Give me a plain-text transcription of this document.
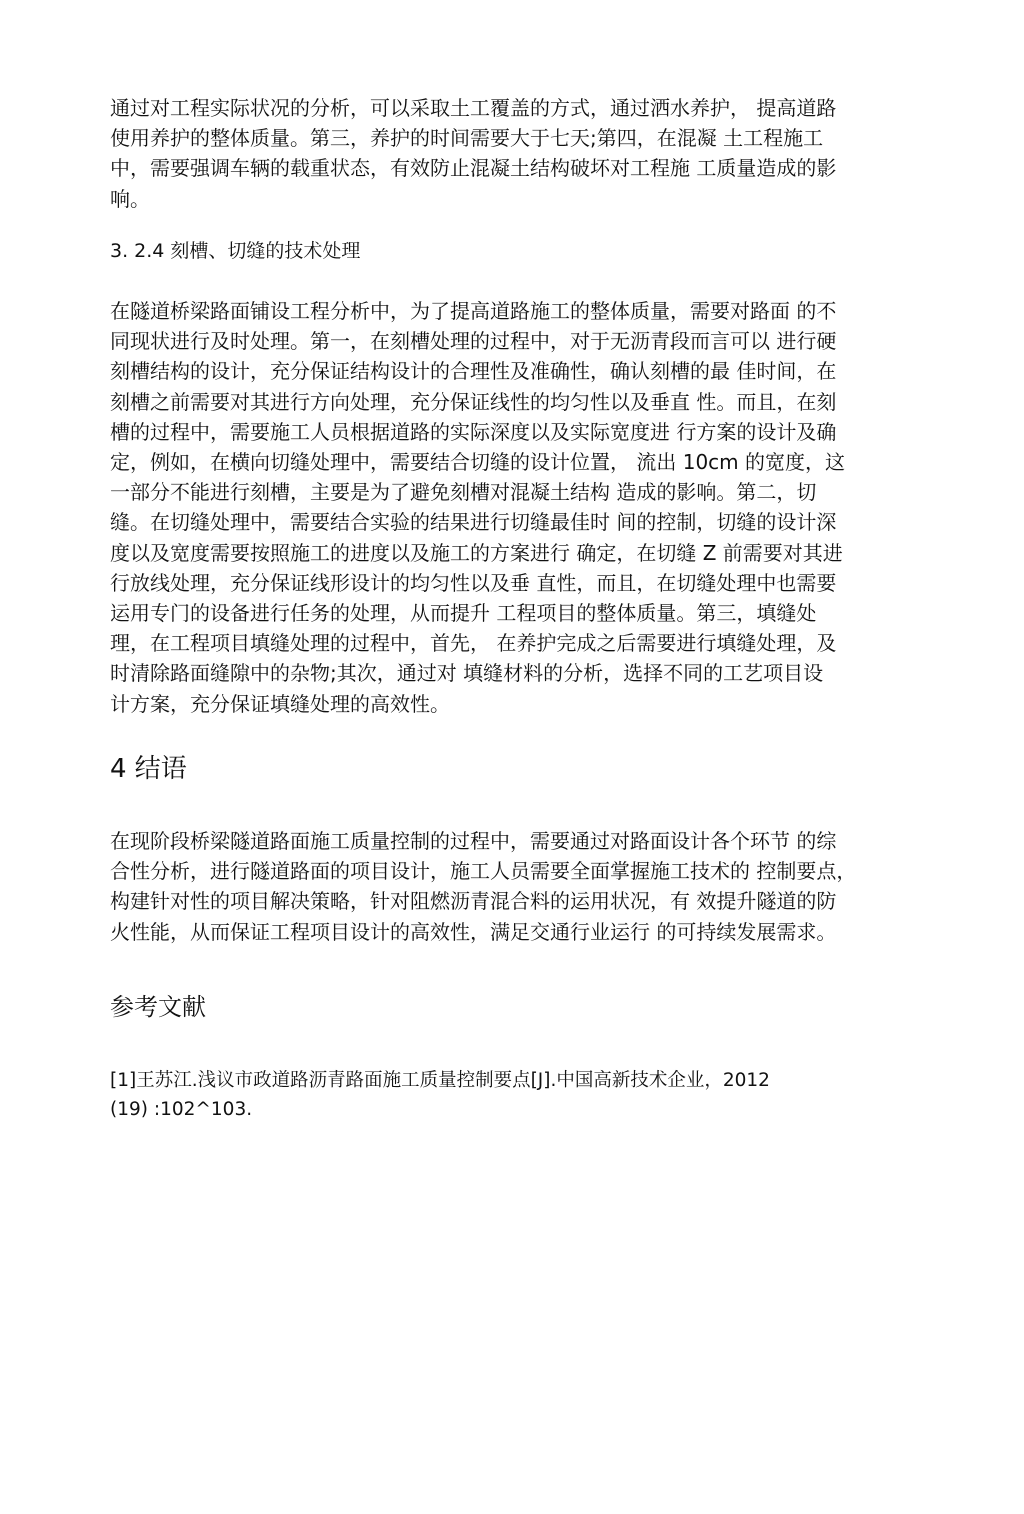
通过对工程实际状况的分析，可以采取土工覆盖的方式，通过洒水养护， 提高道路
使用养护的整体质量。第三，养护的时间需要大于七天;第四，在混凝 土工程施工
中，需要强调车辆的载重状态，有效防止混凝土结构破坏对工程施 工质量造成的影
响。

3. 2.4 刻槽、切缝的技术处理

在隧道桥梁路面铺设工程分析中，为了提高道路施工的整体质量，需要对路面 的不
同现状进行及时处理。第一，在刻槽处理的过程中，对于无沥青段而言可以 进行硬
刻槽结构的设计，充分保证结构设计的合理性及准确性，确认刻槽的最 佳时间，在
刻槽之前需要对其进行方向处理，充分保证线性的均匀性以及垂直 性。而且，在刻
槽的过程中，需要施工人员根据道路的实际深度以及实际宽度进 行方案的设计及确
定，例如，在横向切缝处理中，需要结合切缝的设计位置， 流出 10cm 的宽度，这
一部分不能进行刻槽，主要是为了避免刻槽对混凝土结构 造成的影响。第二，切
缝。在切缝处理中，需要结合实验的结果进行切缝最佳时 间的控制，切缝的设计深
度以及宽度需要按照施工的进度以及施工的方案进行 确定，在切缝 Z 前需要对其进
行放线处理，充分保证线形设计的均匀性以及垂 直性，而且，在切缝处理中也需要
运用专门的设备进行任务的处理，从而提升 工程项目的整体质量。第三，填缝处
理，在工程项目填缝处理的过程中，首先， 在养护完成之后需要进行填缝处理，及
时清除路面缝隙中的杂物;其次，通过对 填缝材料的分析，选择不同的工艺项目设
计方案，充分保证填缝处理的高效性。

4 结语

在现阶段桥梁隧道路面施工质量控制的过程中，需要通过对路面设计各个环节 的综
合性分析，进行隧道路面的项目设计，施工人员需要全面掌握施工技术的 控制要点，
构建针对性的项目解决策略，针对阻燃沥青混合料的运用状况，有 效提升隧道的防
火性能，从而保证工程项目设计的高效性，满足交通行业运行 的可持续发展需求。

参考文献

[1]王苏江.浅议市政道路沥青路面施工质量控制要点[J].中国高新技术企业，2012
(19) :102^103.
